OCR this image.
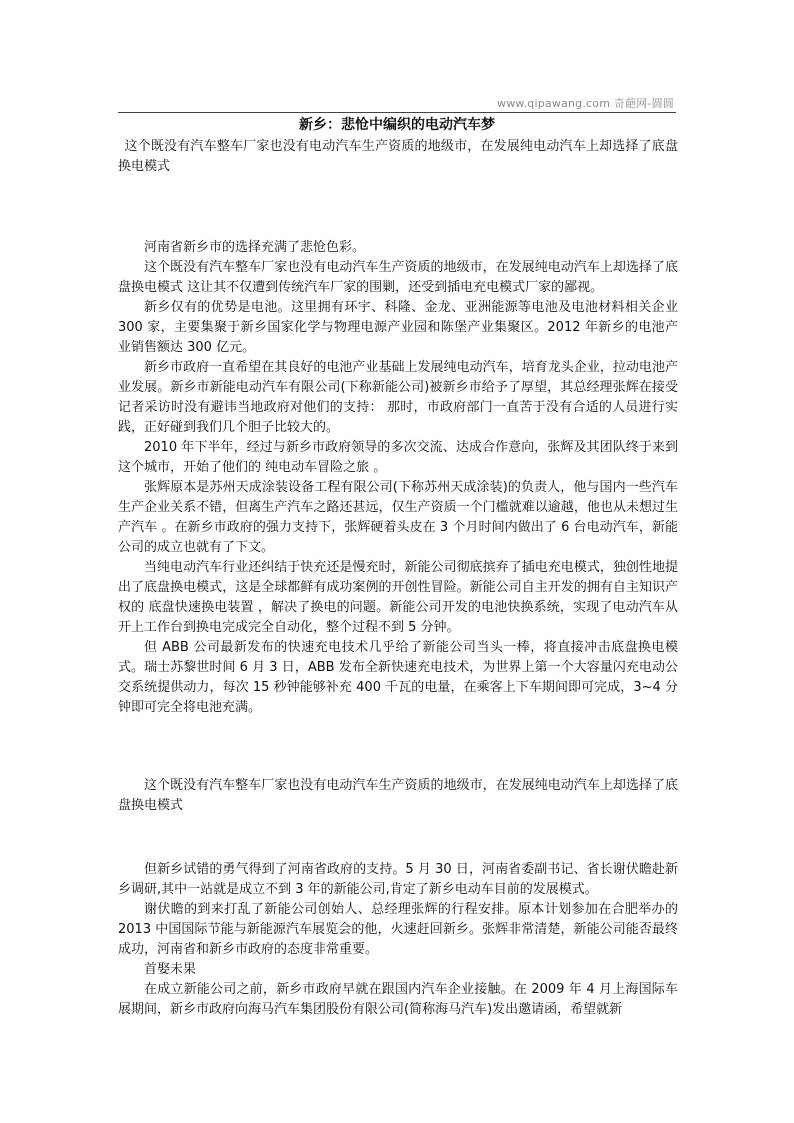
www.qipawang.com 奇葩网-圆圆
新乡：悲怆中编织的电动汽车梦

这个既没有汽车整车厂家也没有电动汽车生产资质的地级市，在发展纯电动汽车上却选择了底盘换电模式

河南省新乡市的选择充满了悲怆色彩。

这个既没有汽车整车厂家也没有电动汽车生产资质的地级市，在发展纯电动汽车上却选择了底盘换电模式 这让其不仅遭到传统汽车厂家的围剿，还受到插电充电模式厂家的鄙视。

新乡仅有的优势是电池。这里拥有环宇、科隆、金龙、亚洲能源等电池及电池材料相关企业 300 家，主要集聚于新乡国家化学与物理电源产业园和陈堡产业集聚区。2012 年新乡的电池产业销售额达 300 亿元。

新乡市政府一直希望在其良好的电池产业基础上发展纯电动汽车，培育龙头企业，拉动电池产业发展。新乡市新能电动汽车有限公司(下称新能公司)被新乡市给予了厚望，其总经理张辉在接受记者采访时没有避讳当地政府对他们的支持： 那时，市政府部门一直苦于没有合适的人员进行实践，正好碰到我们几个胆子比较大的。

2010 年下半年，经过与新乡市政府领导的多次交流、达成合作意向，张辉及其团队终于来到这个城市，开始了他们的 纯电动车冒险之旅 。

张辉原本是苏州天成涂装设备工程有限公司(下称苏州天成涂装)的负责人，他与国内一些汽车生产企业关系不错，但离生产汽车之路还甚远，仅生产资质一个门槛就难以逾越，他也从未想过生产汽车 。在新乡市政府的强力支持下，张辉硬着头皮在 3 个月时间内做出了 6 台电动汽车，新能公司的成立也就有了下文。

当纯电动汽车行业还纠结于快充还是慢充时，新能公司彻底摈弃了插电充电模式，独创性地提出了底盘换电模式，这是全球都鲜有成功案例的开创性冒险。新能公司自主开发的拥有自主知识产权的 底盘快速换电装置 ，解决了换电的问题。新能公司开发的电池快换系统，实现了电动汽车从开上工作台到换电完成完全自动化，整个过程不到 5 分钟。

但 ABB 公司最新发布的快速充电技术几乎给了新能公司当头一棒，将直接冲击底盘换电模式。瑞士苏黎世时间 6 月 3 日，ABB 发布全新快速充电技术，为世界上第一个大容量闪充电动公交系统提供动力，每次 15 秒钟能够补充 400 千瓦的电量，在乘客上下车期间即可完成，3~4 分钟即可完全将电池充满。

这个既没有汽车整车厂家也没有电动汽车生产资质的地级市，在发展纯电动汽车上却选择了底盘换电模式

但新乡试错的勇气得到了河南省政府的支持。5 月 30 日，河南省委副书记、省长谢伏瞻赴新乡调研,其中一站就是成立不到 3 年的新能公司,肯定了新乡电动车目前的发展模式。

谢伏瞻的到来打乱了新能公司创始人、总经理张辉的行程安排。原本计划参加在合肥举办的 2013 中国国际节能与新能源汽车展览会的他，火速赶回新乡。张辉非常清楚，新能公司能否最终成功，河南省和新乡市政府的态度非常重要。

首娶未果

在成立新能公司之前，新乡市政府早就在跟国内汽车企业接触。在 2009 年 4 月上海国际车展期间，新乡市政府向海马汽车集团股份有限公司(简称海马汽车)发出邀请函，希望就新
